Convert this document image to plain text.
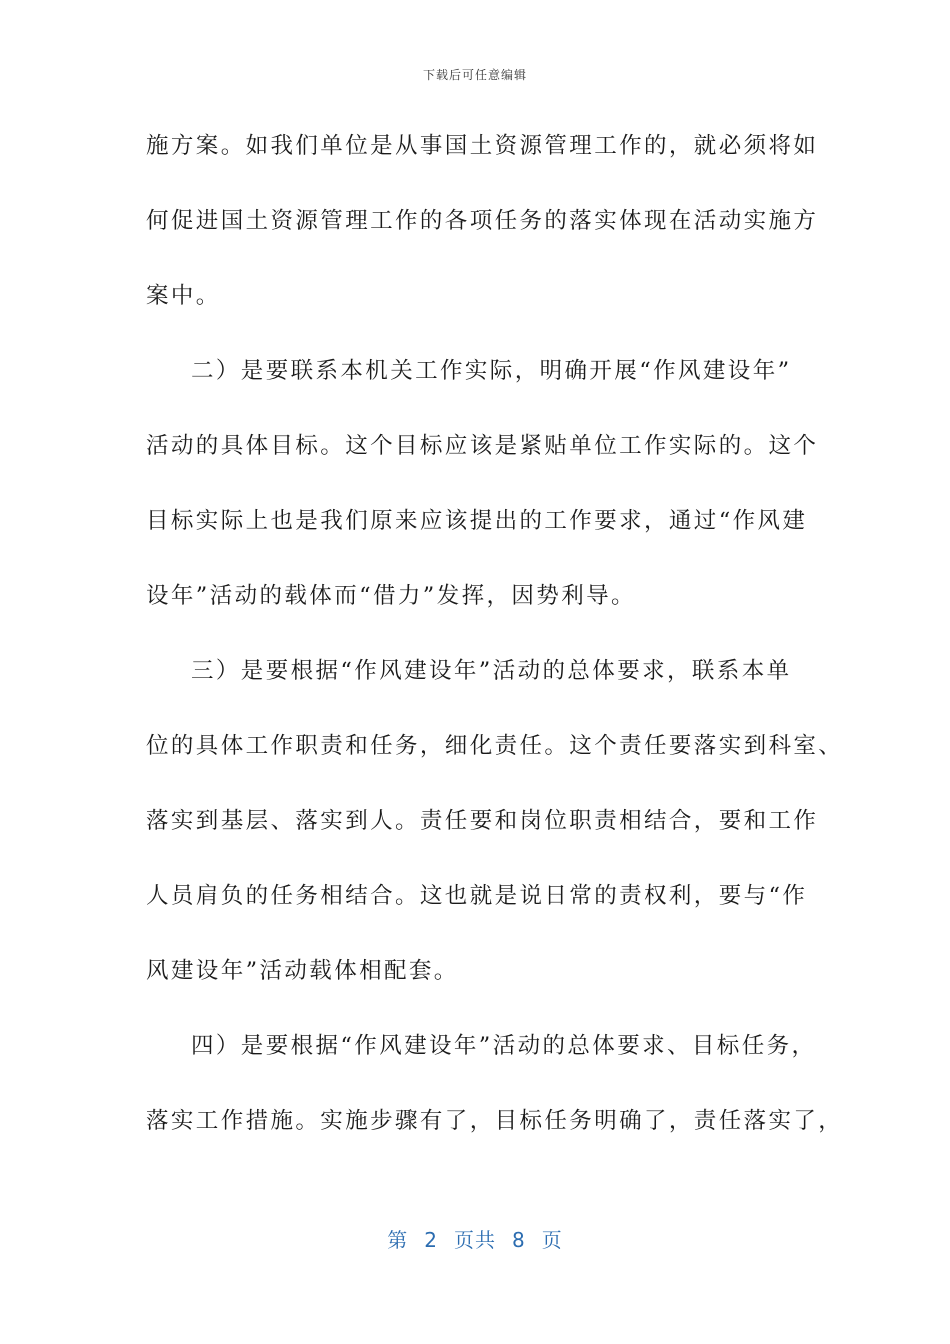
下载后可任意编辑
施方案。如我们单位是从事国土资源管理工作的，就必须将如
何促进国土资源管理工作的各项任务的落实体现在活动实施方
案中。
二）是要联系本机关工作实际，明确开展“作风建设年”
活动的具体目标。这个目标应该是紧贴单位工作实际的。这个
目标实际上也是我们原来应该提出的工作要求，通过“作风建
设年”活动的载体而“借力”发挥，因势利导。
三）是要根据“作风建设年”活动的总体要求，联系本单
位的具体工作职责和任务，细化责任。这个责任要落实到科室、
落实到基层、落实到人。责任要和岗位职责相结合，要和工作
人员肩负的任务相结合。这也就是说日常的责权利，要与“作
风建设年”活动载体相配套。
四）是要根据“作风建设年”活动的总体要求、目标任务，
落实工作措施。实施步骤有了，目标任务明确了，责任落实了，
第 2 页共 8 页
